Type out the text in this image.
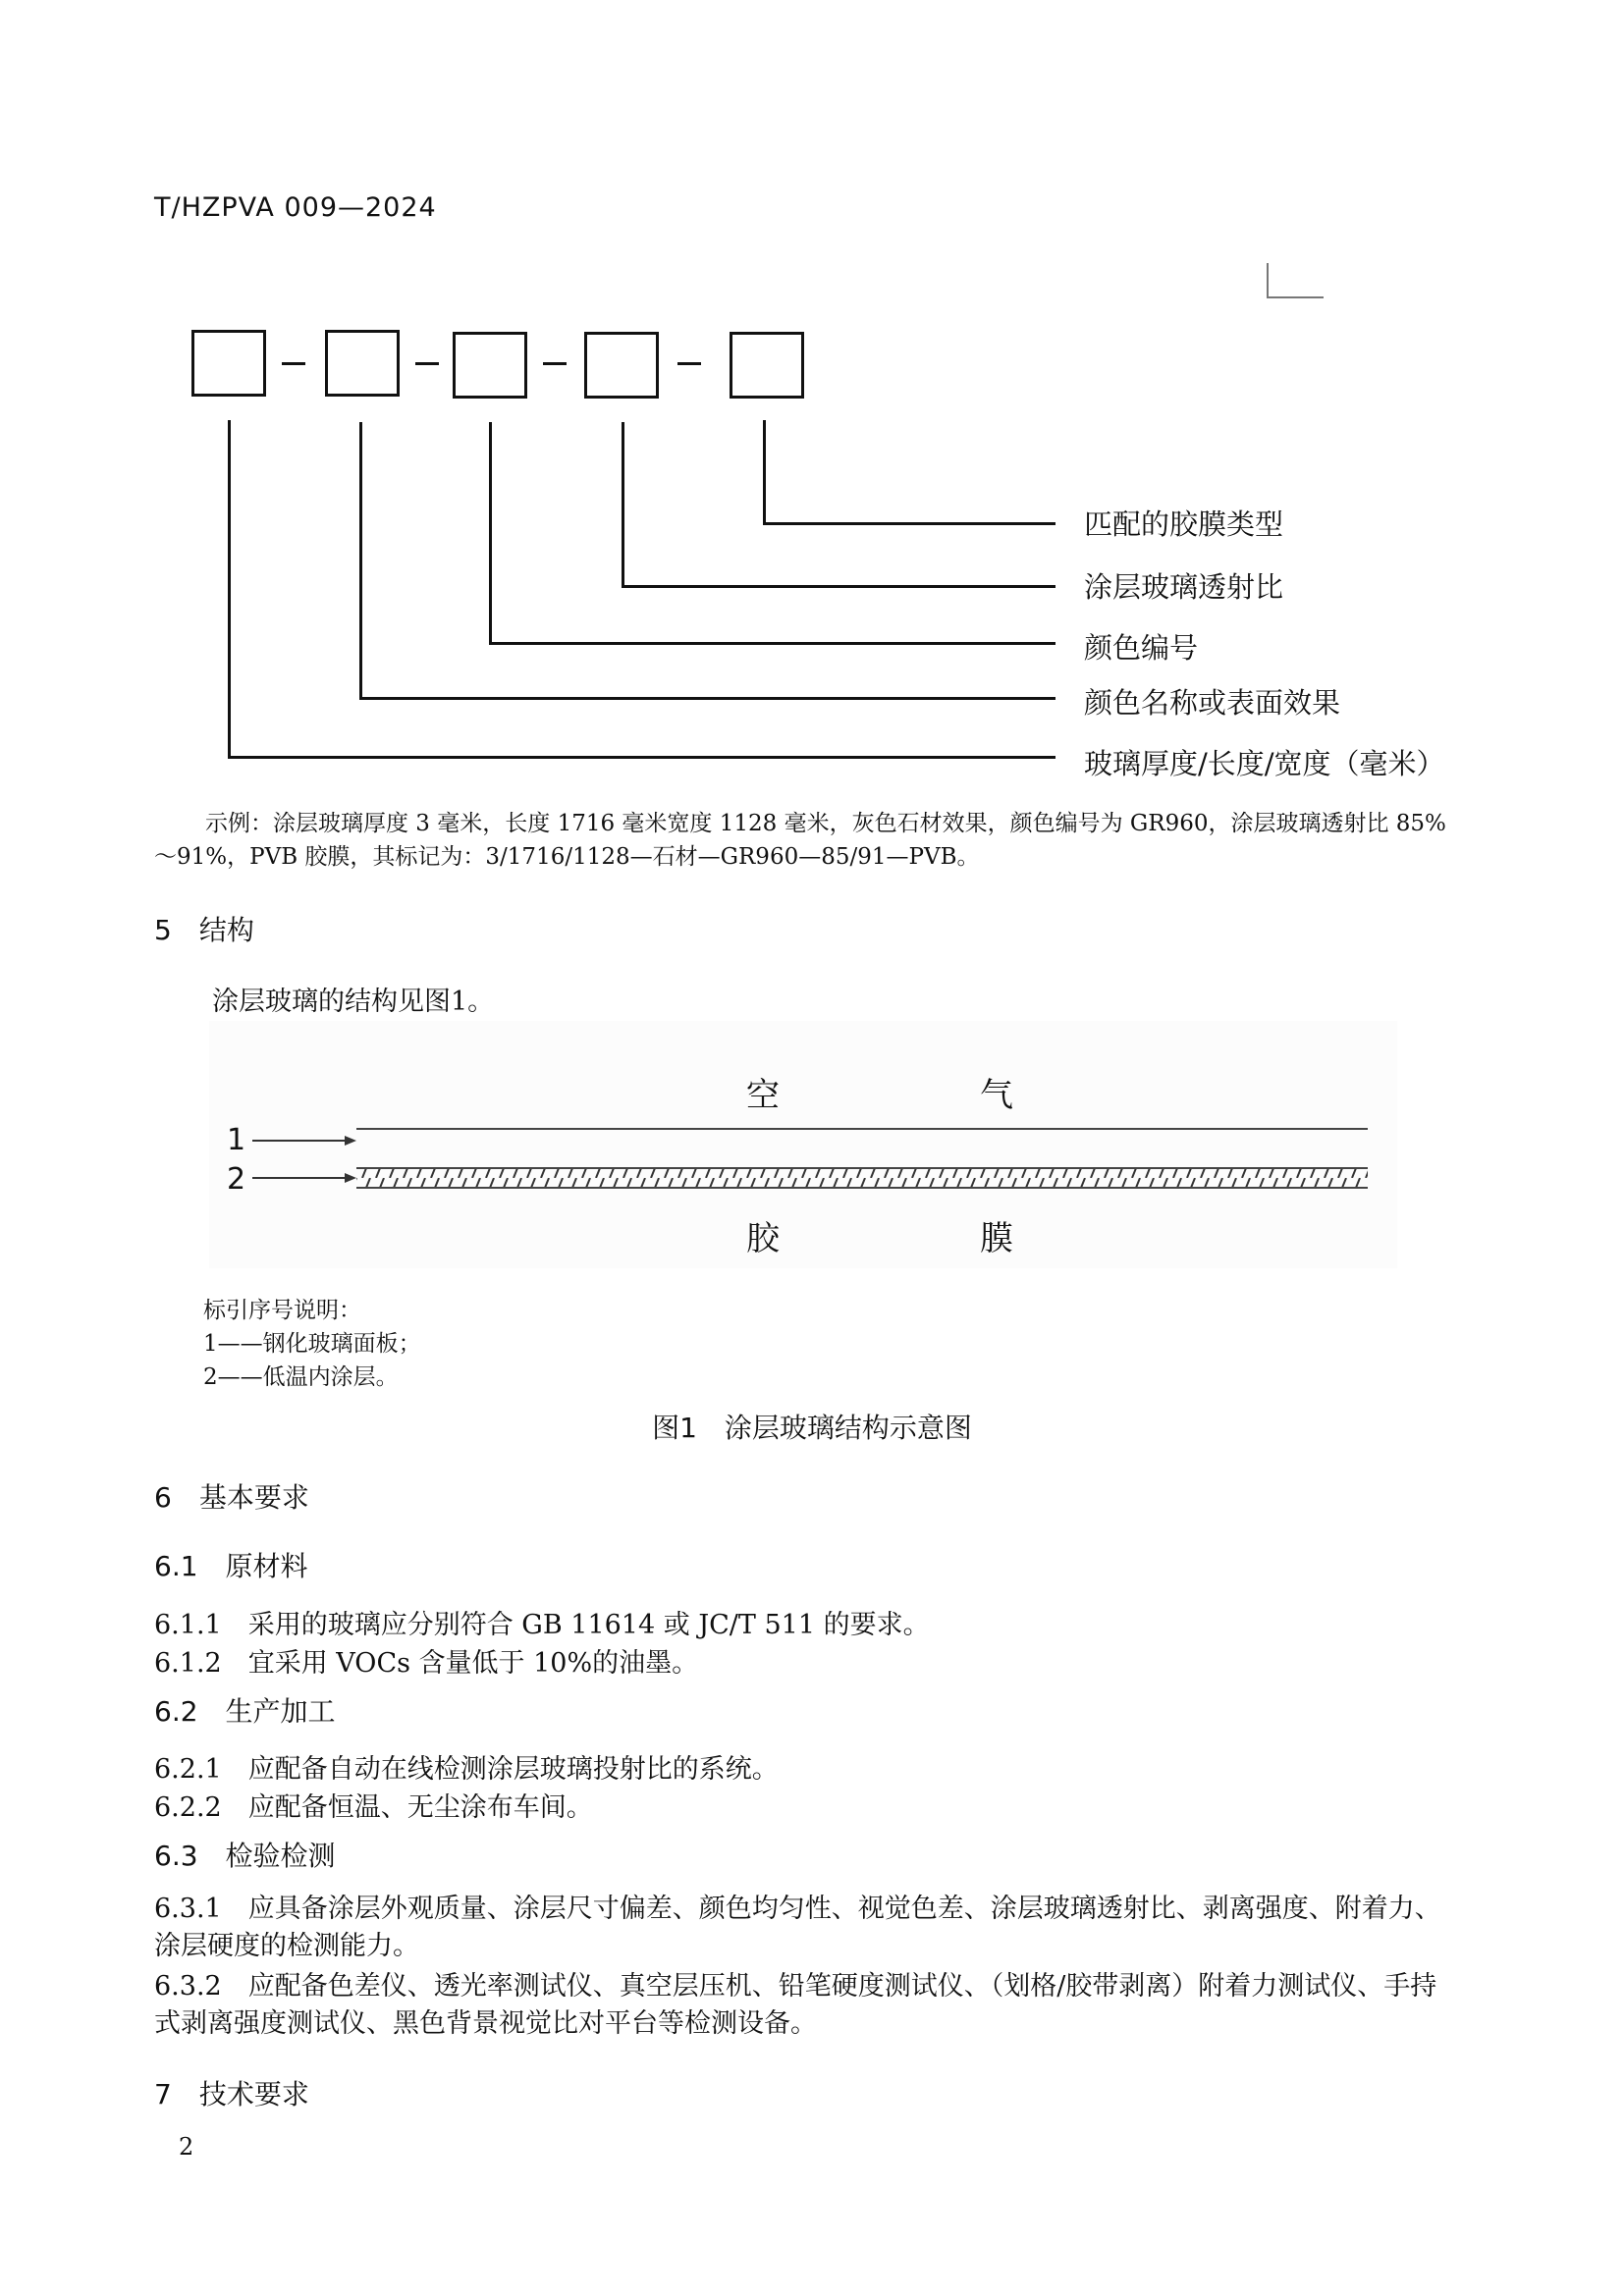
T/HZPVA 009—2024
匹配的胶膜类型
涂层玻璃透射比
颜色编号
颜色名称或表面效果
玻璃厚度/长度/宽度（毫米）
示例：涂层玻璃厚度 3 毫米，长度 1716 毫米宽度 1128 毫米，灰色石材效果，颜色编号为 GR960，涂层玻璃透射比 85%～91%，PVB 胶膜，其标记为：3/1716/1128—石材—GR960—85/91—PVB。
5　结构
涂层玻璃的结构见图1。
空　　　　　　气
胶　　　　　　膜
1
2
标引序号说明：
1——钢化玻璃面板；
2——低温内涂层。
图1　涂层玻璃结构示意图
6　基本要求
6.1　原材料
6.1.1　采用的玻璃应分别符合 GB 11614 或 JC/T 511 的要求。
6.1.2　宜采用 VOCs 含量低于 10%的油墨。
6.2　生产加工
6.2.1　应配备自动在线检测涂层玻璃投射比的系统。
6.2.2　应配备恒温、无尘涂布车间。
6.3　检验检测
6.3.1　应具备涂层外观质量、涂层尺寸偏差、颜色均匀性、视觉色差、涂层玻璃透射比、剥离强度、附着力、涂层硬度的检测能力。
6.3.2　应配备色差仪、透光率测试仪、真空层压机、铅笔硬度测试仪、（划格/胶带剥离）附着力测试仪、手持式剥离强度测试仪、黑色背景视觉比对平台等检测设备。
7　技术要求
2
